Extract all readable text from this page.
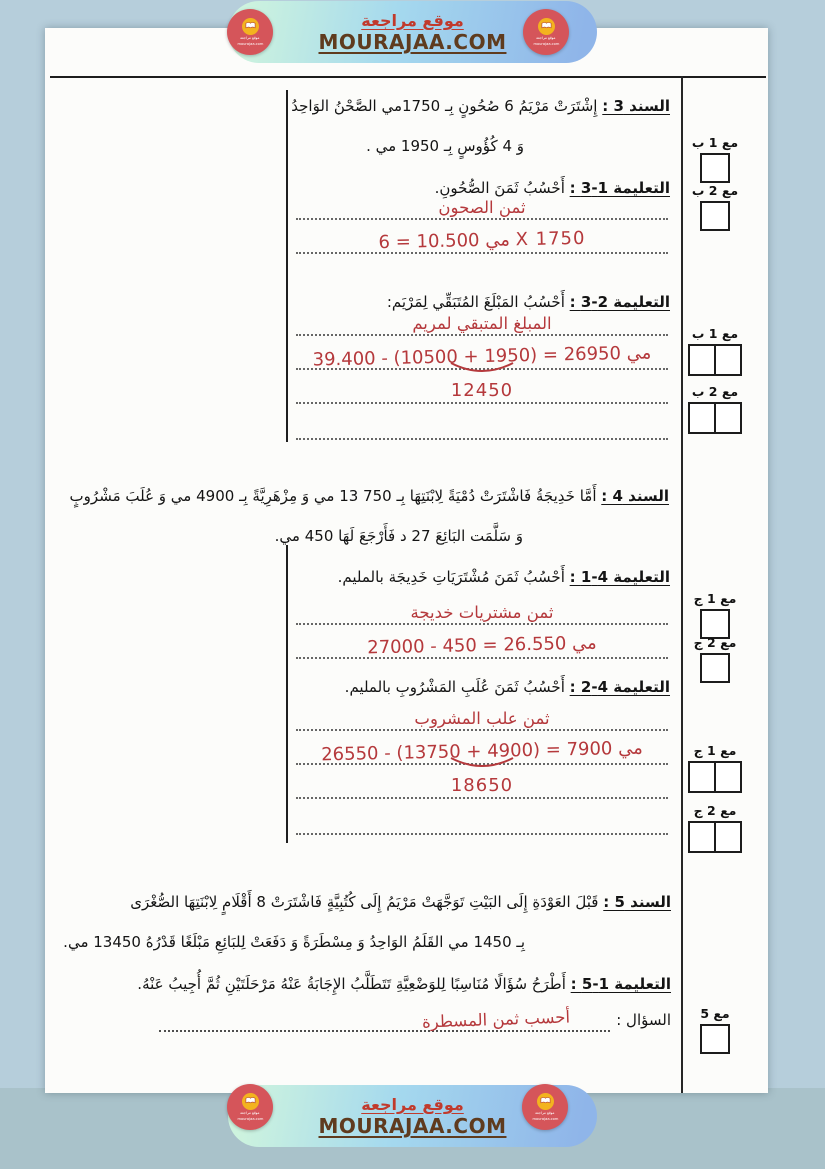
السند 3 : إِشْتَرَتْ مَرْيَمُ 6 صُحُونٍ بِـ 1750مي الصَّحْنُ الوَاحِدُ
وَ 4 كُؤُوسٍ بِـ 1950 مي .
التعليمة 1-3 : أَحْسُبُ ثَمَنَ الصُّحُونِ.
ثمن الصحون
مي 10.500 = 6 X 1750
التعليمة 2-3 : أَحْسُبُ المَبْلَغَ المُتَبَقِّي لِمَرْيَم:
المبلغ المتبقي لمريم
مي 26950 = (1950 + 10500) - 39.400
12450
السند 4 : أَمَّا خَدِيجَةُ فَاشْتَرَتْ دُمْيَةً لِابْنَتِهَا بِـ 13 750 مي وَ مِزْهَرِيَّةً بِـ 4900 مي وَ عُلَبَ مَشْرُوبٍ
وَ سَلَّمَت البَائِعَ 27 د فَأَرْجَعَ لَهَا 450 مي.
التعليمة 4-1 : أَحْسُبُ ثَمَنَ مُشْتَرَيَاتِ خَدِيجَة بالمليم.
ثمن مشتريات خديجة
مي 26.550 = 450 - 27000
التعليمة 4-2 : أَحْسُبُ ثَمَنَ عُلَبِ المَشْرُوبِ بالمليم.
ثمن علب المشروب
مي 7900 = (4900 + 13750) - 26550
18650
السند 5 : قَبْلَ العَوْدَةِ إِلَى البَيْتِ تَوَجَّهَتْ مَرْيَمُ إِلَى كُتُبِيَّةٍ فَاشْتَرَتْ 8 أَقْلَامٍ لِابْنَتِهَا الصُّغْرَى
بِـ 1450 مي القَلَمُ الوَاحِدُ وَ مِسْطَرَةً وَ دَفَعَتْ لِلبَائِعِ مَبْلَغًا قَدْرُهُ 13450 مي.
التعليمة 1-5 : أَطْرَحُ سُؤَالًا مُنَاسِبًا لِلوَضْعِيَّةِ تَتَطَلَّبُ الإِجَابَةُ عَنْهُ مَرْحَلَتَيْنِ ثُمَّ أُجِيبُ عَنْهُ.
السؤال :
أحسب ثمن المسطرة
مع 1 ب
مع 2 ب
مع 1 ب
مع 2 ب
مع 1 ج
مع 2 ج
مع 1 ج
مع 2 ج
مع 5
موقع مراجعة
MOURAJAA.COM
موقع مراجعة
mourajaa.com
موقع مراجعة
mourajaa.com
موقع مراجعة
MOURAJAA.COM
موقع مراجعة
mourajaa.com
موقع مراجعة
mourajaa.com
